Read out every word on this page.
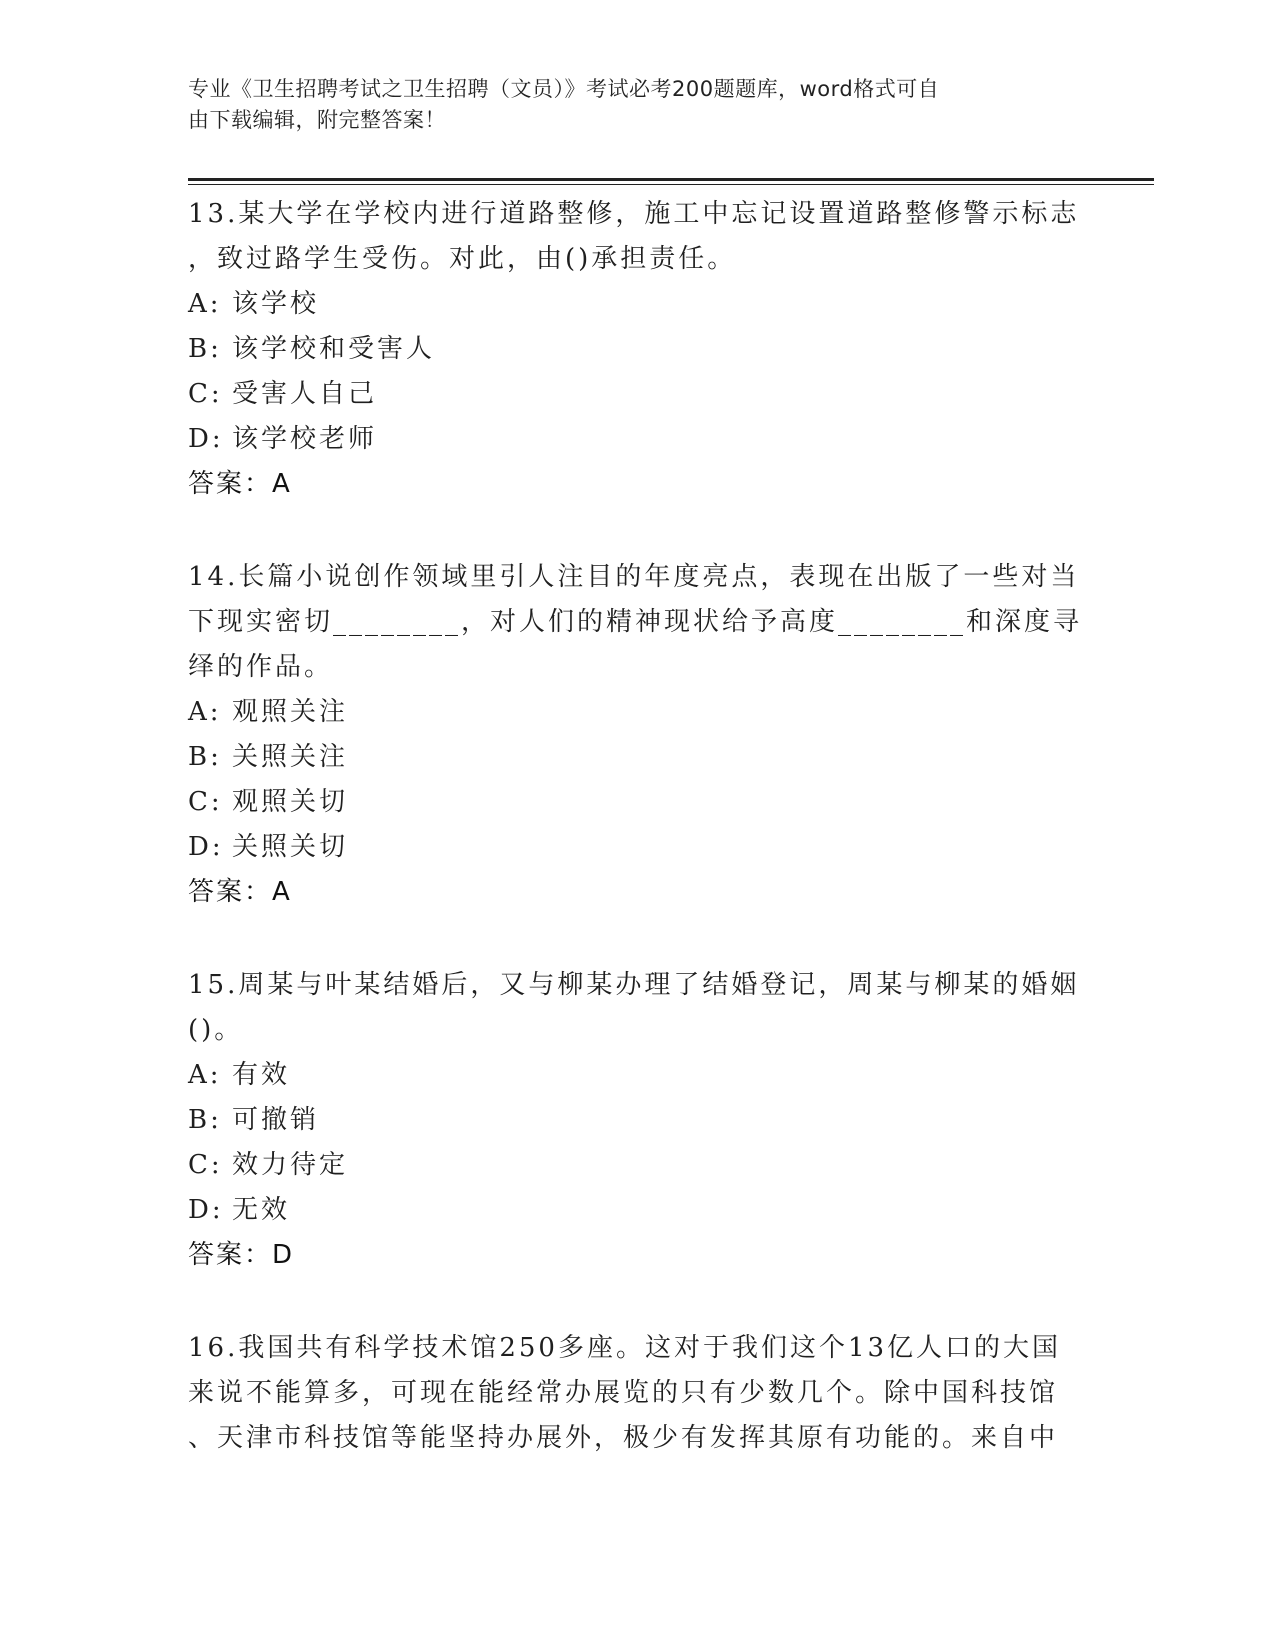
专业《卫生招聘考试之卫生招聘（文员）》考试必考200题题库，word格式可自
由下载编辑，附完整答案！
13.某大学在学校内进行道路整修，施工中忘记设置道路整修警示标志
，致过路学生受伤。对此，由()承担责任。
A: 该学校
B: 该学校和受害人
C: 受害人自己
D: 该学校老师
答案：A
14.长篇小说创作领域里引人注目的年度亮点，表现在出版了一些对当
下现实密切________，对人们的精神现状给予高度________和深度寻
绎的作品。
A: 观照关注
B: 关照关注
C: 观照关切
D: 关照关切
答案：A
15.周某与叶某结婚后，又与柳某办理了结婚登记，周某与柳某的婚姻
()。
A: 有效
B: 可撤销
C: 效力待定
D: 无效
答案：D
16.我国共有科学技术馆250多座。这对于我们这个13亿人口的大国
来说不能算多，可现在能经常办展览的只有少数几个。除中国科技馆
、天津市科技馆等能坚持办展外，极少有发挥其原有功能的。来自中
